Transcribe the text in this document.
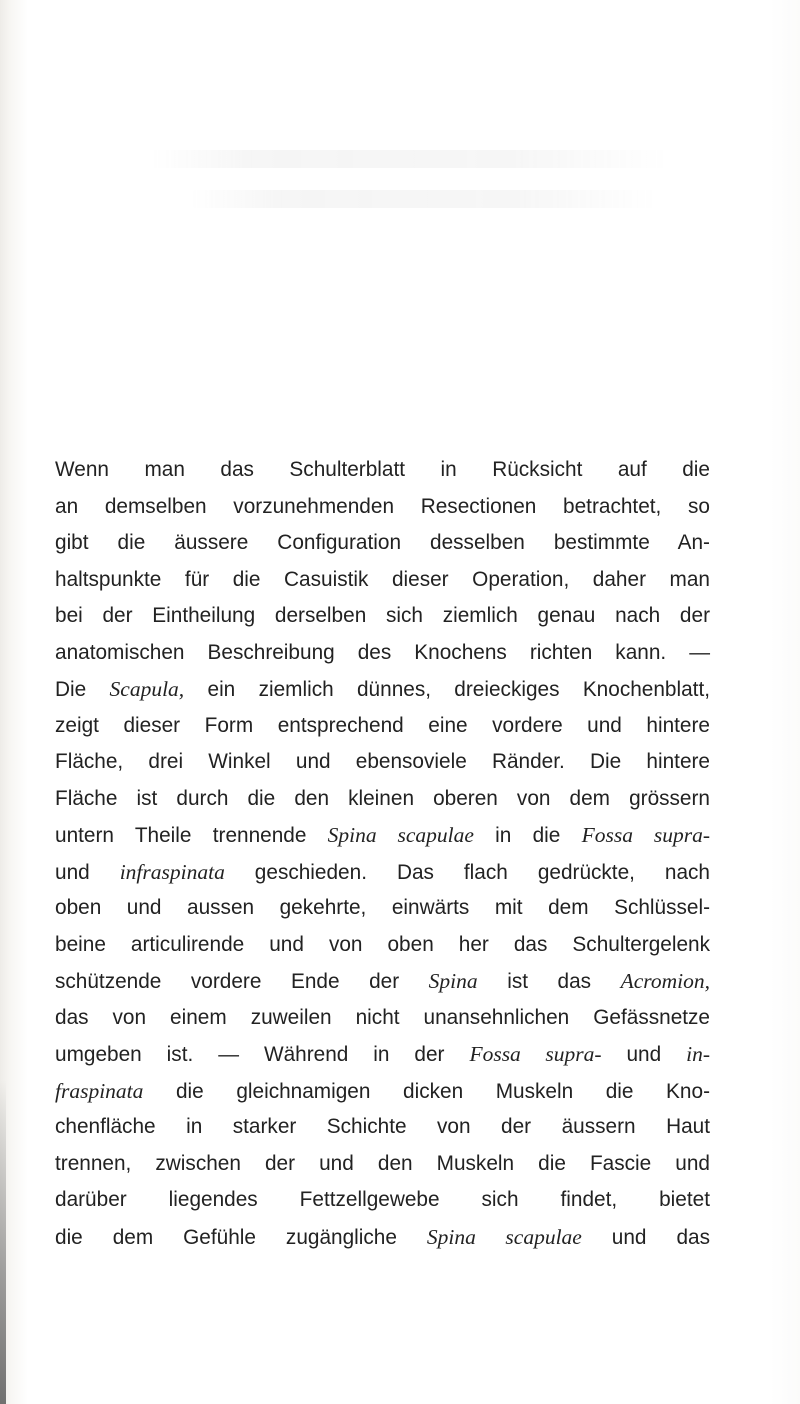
Wenn man das Schulterblatt in Rücksicht auf die
an demselben vorzunehmenden Resectionen betrachtet, so
gibt die äussere Configuration desselben bestimmte An-
haltspunkte für die Casuistik dieser Operation, daher man
bei der Eintheilung derselben sich ziemlich genau nach der
anatomischen Beschreibung des Knochens richten kann. —
Die Scapula, ein ziemlich dünnes, dreieckiges Knochenblatt,
zeigt dieser Form entsprechend eine vordere und hintere
Fläche, drei Winkel und ebensoviele Ränder. Die hintere
Fläche ist durch die den kleinen oberen von dem grössern
untern Theile trennende Spina scapulae in die Fossa supra-
und infraspinata geschieden. Das flach gedrückte, nach
oben und aussen gekehrte, einwärts mit dem Schlüssel-
beine articulirende und von oben her das Schultergelenk
schützende vordere Ende der Spina ist das Acromion,
das von einem zuweilen nicht unansehnlichen Gefässnetze
umgeben ist. — Während in der Fossa supra- und in-
fraspinata die gleichnamigen dicken Muskeln die Kno-
chenfläche in starker Schichte von der äussern Haut
trennen, zwischen der und den Muskeln die Fascie und
darüber liegendes Fettzellgewebe sich findet, bietet
die dem Gefühle zugängliche Spina scapulae und das
